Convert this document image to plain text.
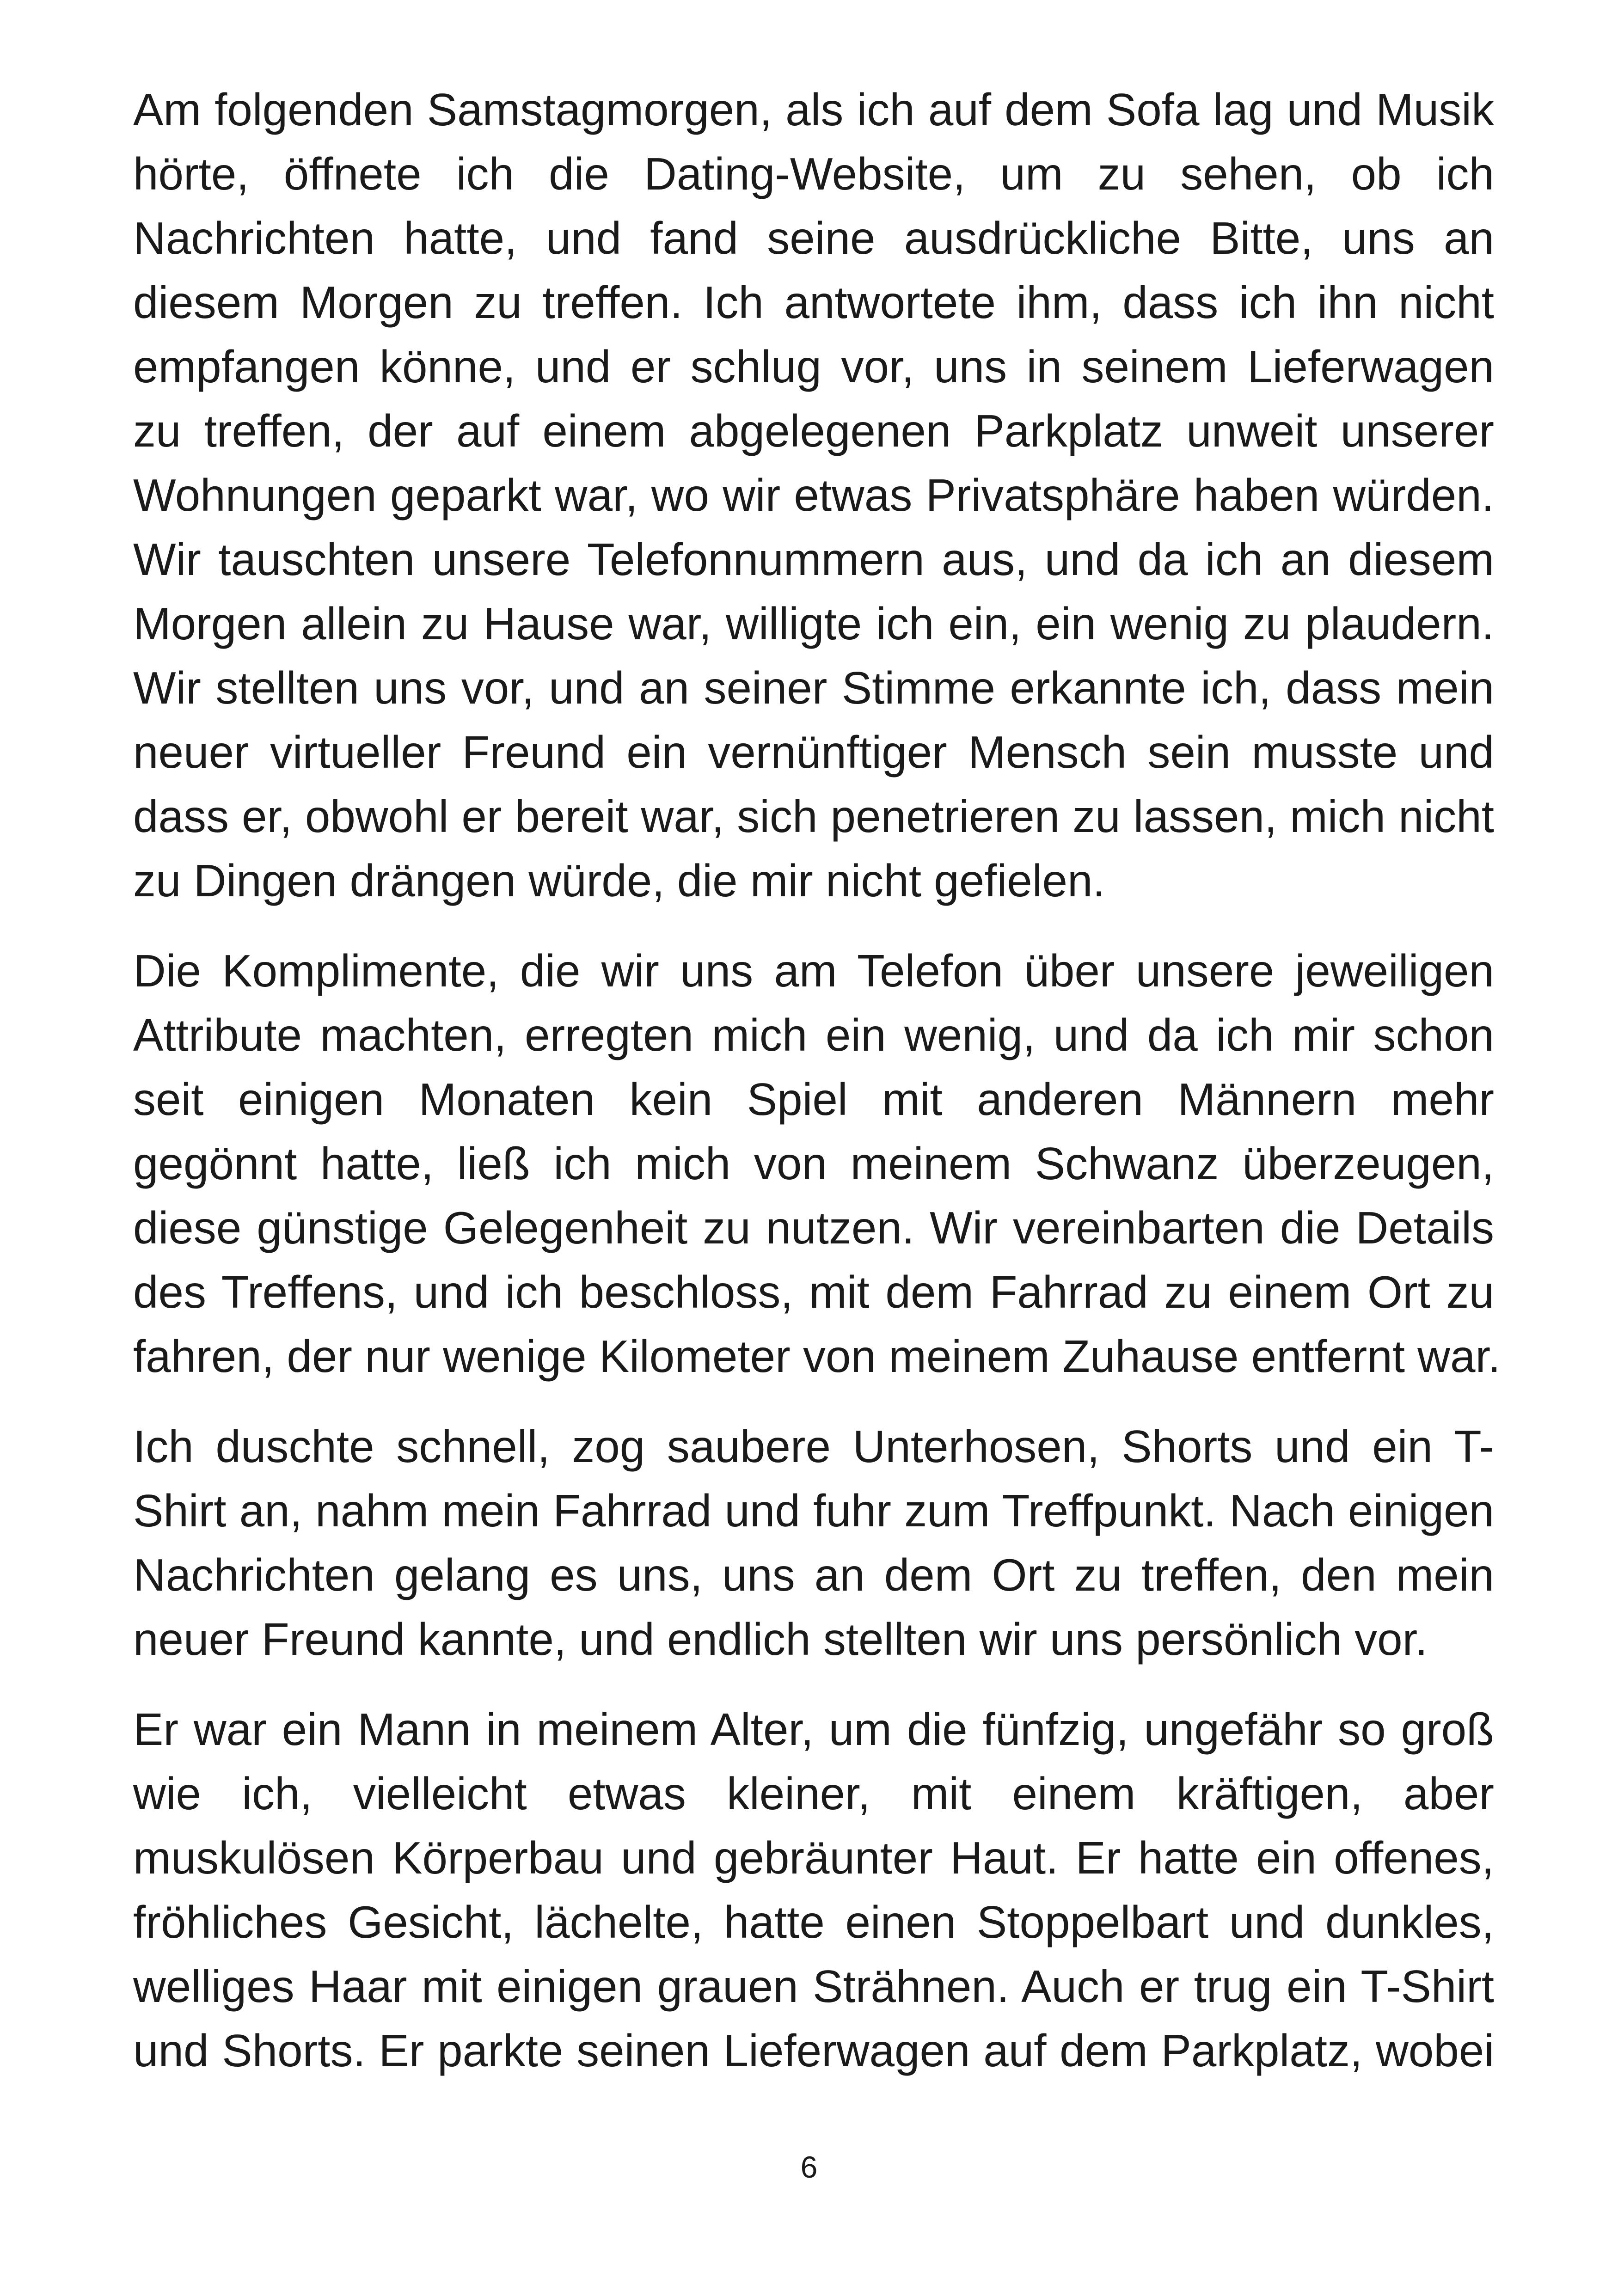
Am folgenden Samstagmorgen, als ich auf dem Sofa lag und Musik
hörte, öffnete ich die Dating-Website, um zu sehen, ob ich
Nachrichten hatte, und fand seine ausdrückliche Bitte, uns an
diesem Morgen zu treffen. Ich antwortete ihm, dass ich ihn nicht
empfangen könne, und er schlug vor, uns in seinem Lieferwagen
zu treffen, der auf einem abgelegenen Parkplatz unweit unserer
Wohnungen geparkt war, wo wir etwas Privatsphäre haben würden.
Wir tauschten unsere Telefonnummern aus, und da ich an diesem
Morgen allein zu Hause war, willigte ich ein, ein wenig zu plaudern.
Wir stellten uns vor, und an seiner Stimme erkannte ich, dass mein
neuer virtueller Freund ein vernünftiger Mensch sein musste und
dass er, obwohl er bereit war, sich penetrieren zu lassen, mich nicht
zu Dingen drängen würde, die mir nicht gefielen.
Die Komplimente, die wir uns am Telefon über unsere jeweiligen
Attribute machten, erregten mich ein wenig, und da ich mir schon
seit einigen Monaten kein Spiel mit anderen Männern mehr
gegönnt hatte, ließ ich mich von meinem Schwanz überzeugen,
diese günstige Gelegenheit zu nutzen. Wir vereinbarten die Details
des Treffens, und ich beschloss, mit dem Fahrrad zu einem Ort zu
fahren, der nur wenige Kilometer von meinem Zuhause entfernt war.
Ich duschte schnell, zog saubere Unterhosen, Shorts und ein T-
Shirt an, nahm mein Fahrrad und fuhr zum Treffpunkt. Nach einigen
Nachrichten gelang es uns, uns an dem Ort zu treffen, den mein
neuer Freund kannte, und endlich stellten wir uns persönlich vor.
Er war ein Mann in meinem Alter, um die fünfzig, ungefähr so groß
wie ich, vielleicht etwas kleiner, mit einem kräftigen, aber
muskulösen Körperbau und gebräunter Haut. Er hatte ein offenes,
fröhliches Gesicht, lächelte, hatte einen Stoppelbart und dunkles,
welliges Haar mit einigen grauen Strähnen. Auch er trug ein T-Shirt
und Shorts. Er parkte seinen Lieferwagen auf dem Parkplatz, wobei
6
